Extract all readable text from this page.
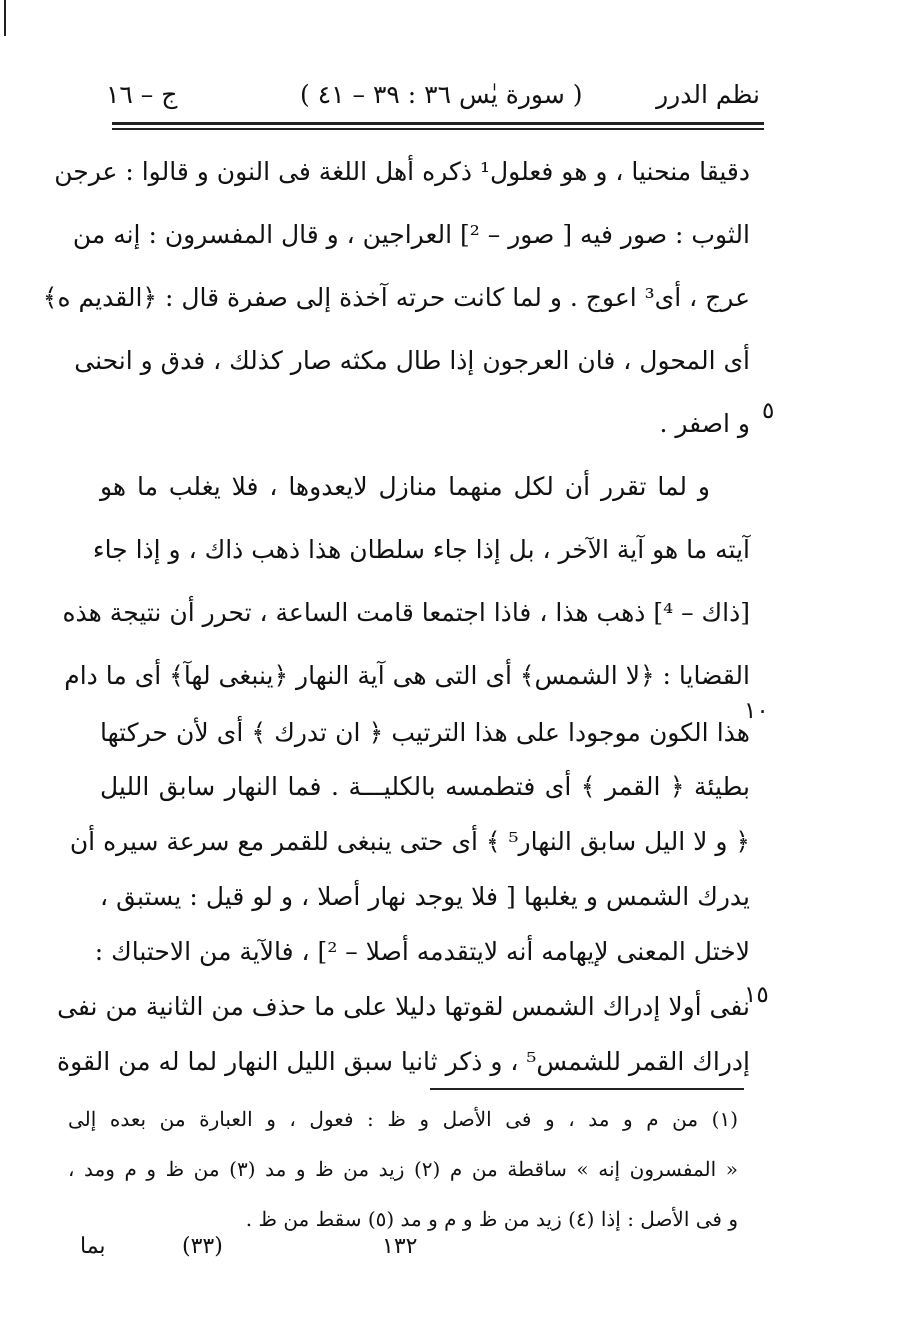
نظم الدرر
( سورة يٰس ٣٦ : ٣٩ – ٤١ )
ج – ١٦
دقيقا منحنيا ، و هو فعلول¹ ذكره أهل اللغة فى النون و قالوا : عرجن
الثوب : صور فيه [ صور – ²] العراجين ، و قال المفسرون : إنه من
عرج ، أى³ اعوج . و لما كانت حرته آخذة إلى صفرة قال : ﴿القديم ه﴾
أى المحول ، فان العرجون إذا طال مكثه صار كذلك ، فدق و انحنى
و اصفر .
و لما تقرر أن لكل منهما منازل لايعدوها ، فلا يغلب ما هو
آيته ما هو آية الآخر ، بل إذا جاء سلطان هذا ذهب ذاك ، و إذا جاء
[ذاك – ⁴] ذهب هذا ، فاذا اجتمعا قامت الساعة ، تحرر أن نتيجة هذه
القضايا : ﴿لا الشمس﴾ أى التى هى آية النهار ﴿ينبغى لهآ﴾ أى ما دام
هذا الكون موجودا على هذا الترتيب ﴿ ان تدرك ﴾ أى لأن حركتها
بطيئة ﴿ القمر ﴾ أى فتطمسه بالكليـــة . فما النهار سابق الليل
﴿ و لا اليل سابق النهار⁵ ﴾ أى حتى ينبغى للقمر مع سرعة سيره أن
يدرك الشمس و يغلبها [ فلا يوجد نهار أصلا ، و لو قيل : يستبق ،
لاختل المعنى لإيهامه أنه لايتقدمه أصلا – ²] ، فالآية من الاحتباك :
نفى أولا إدراك الشمس لقوتها دليلا على ما حذف من الثانية من نفى
إدراك القمر للشمس⁵ ، و ذكر ثانيا سبق الليل النهار لما له من القوة
٥
١٠
١٥
(١) من م و مد ، و فى الأصل و ظ : فعول ، و العبارة من بعده إلى
« المفسرون إنه » ساقطة من م (٢) زيد من ظ و مد (٣) من ظ و م ومد ،
و فى الأصل : إذا (٤) زيد من ظ و م و مد (٥) سقط من ظ .
بما	(٣٣)	١٣٢
